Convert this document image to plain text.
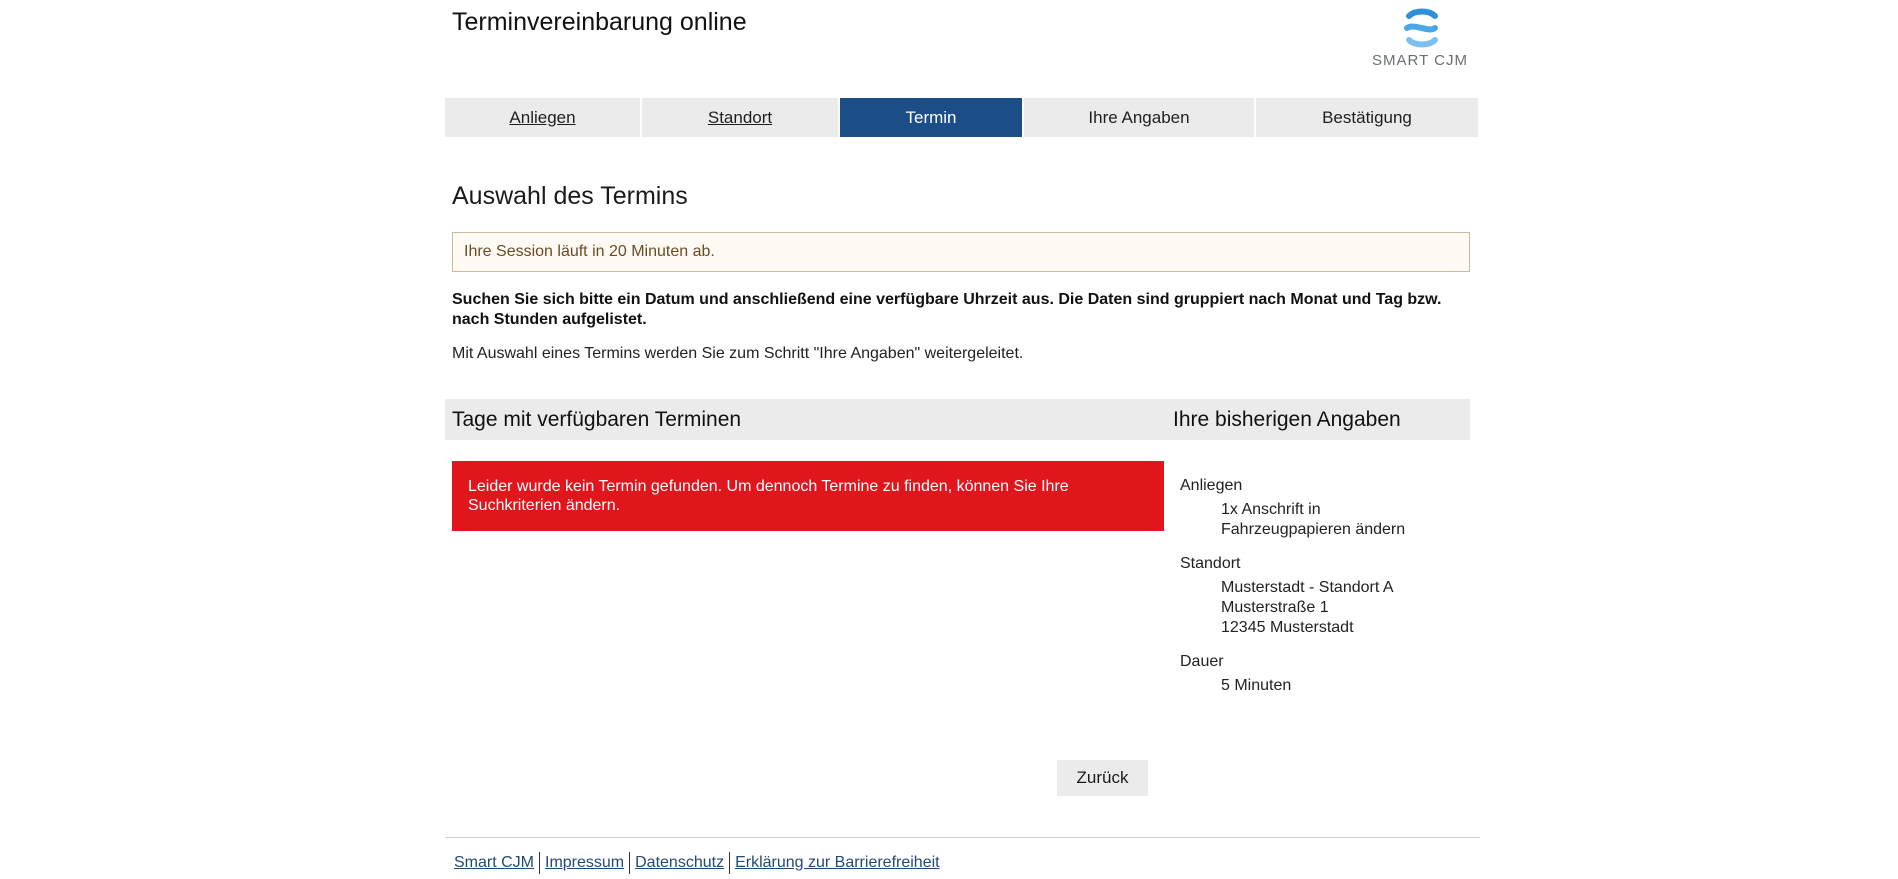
Terminvereinbarung online
SMART CJM
Anliegen	Standort	Termin	Ihre Angaben	Bestätigung
Auswahl des Termins
Ihre Session läuft in 20 Minuten ab.
Suchen Sie sich bitte ein Datum und anschließend eine verfügbare Uhrzeit aus. Die Daten sind gruppiert nach Monat und Tag bzw. nach Stunden aufgelistet.
Mit Auswahl eines Termins werden Sie zum Schritt "Ihre Angaben" weitergeleitet.
Tage mit verfügbaren Terminen	Ihre bisherigen Angaben
Leider wurde kein Termin gefunden. Um dennoch Termine zu finden, können Sie Ihre Suchkriterien ändern.
Anliegen
1x Anschrift in
Fahrzeugpapieren ändern
Standort
Musterstadt - Standort A
Musterstraße 1
12345 Musterstadt
Dauer
5 Minuten
Zurück
Smart CJM Impressum Datenschutz Erklärung zur Barrierefreiheit
